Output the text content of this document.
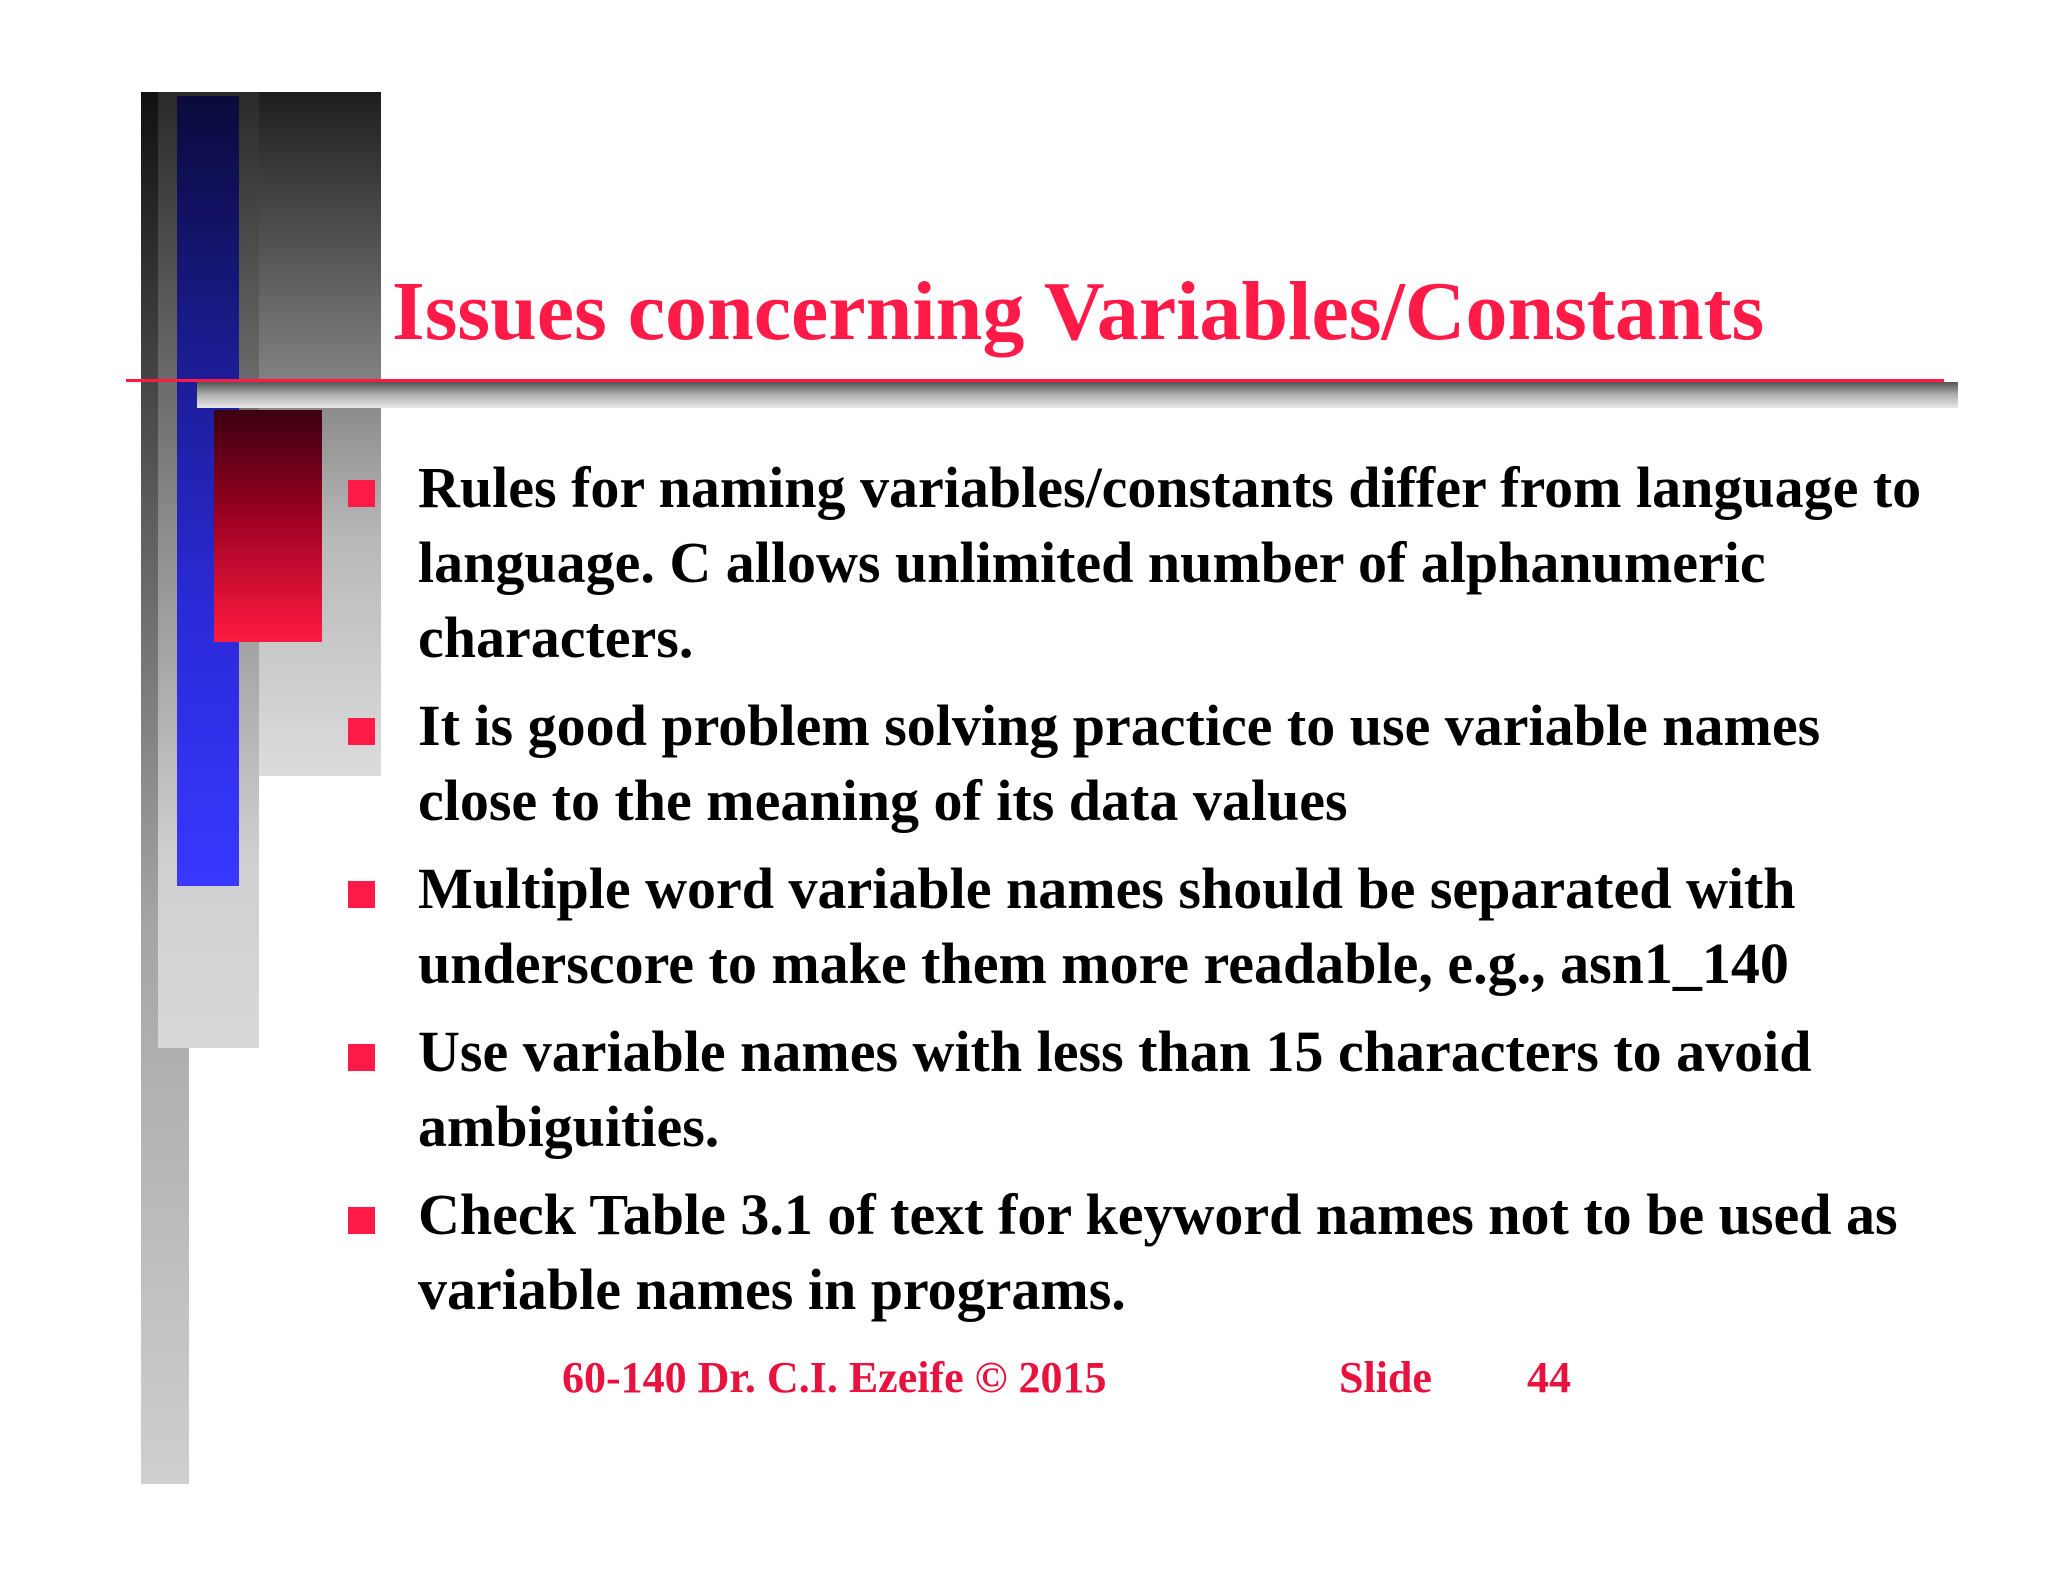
Issues concerning Variables/Constants
Rules for naming variables/constants differ from language to language. C allows unlimited number of alphanumeric characters.
It is good problem solving practice to use variable names close to the meaning of its data values
Multiple word variable names should be separated with underscore to make them more readable, e.g., asn1_140
Use variable names with less than 15 characters to avoid ambiguities.
Check Table 3.1 of text for keyword names not to be used as variable names in programs.
60-140 Dr. C.I. Ezeife © 2015	Slide 44
